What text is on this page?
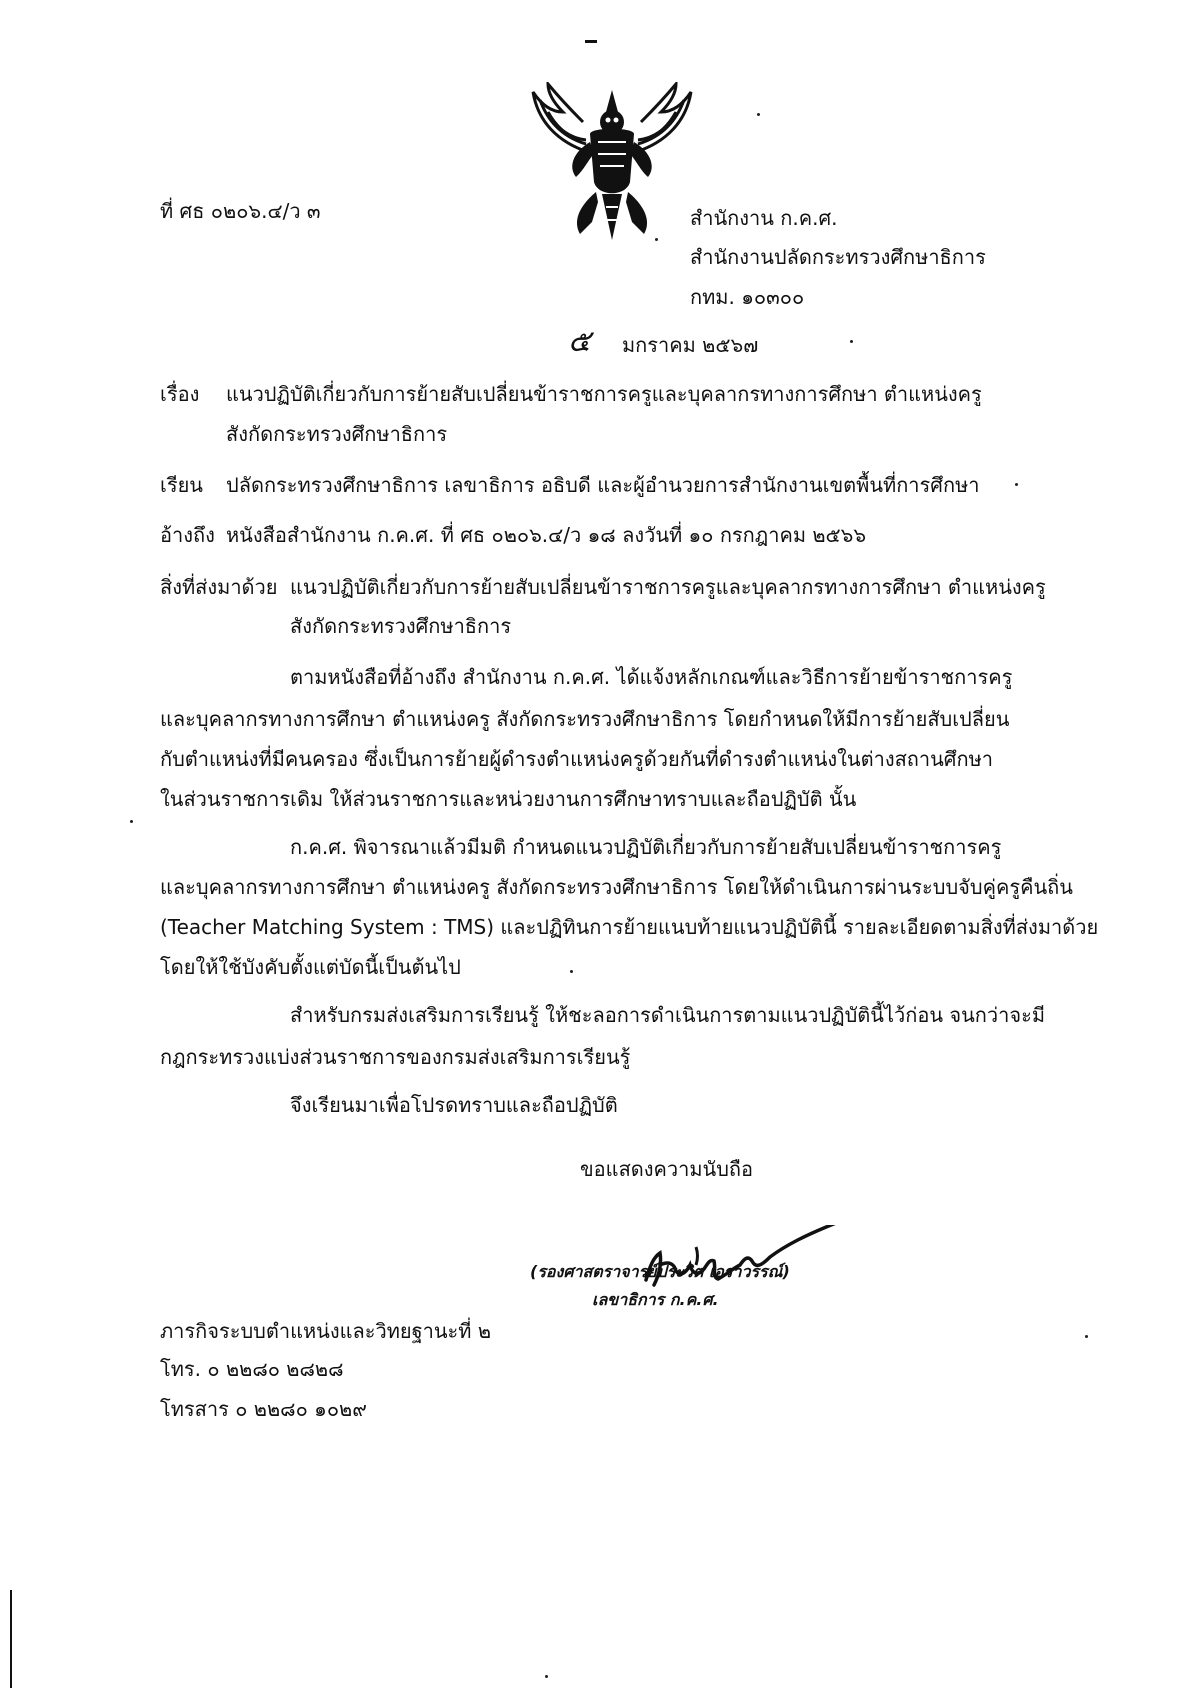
ที่ ศธ ๐๒๐๖.๔/ว ๓	สำนักงาน ก.ค.ศ.
สำนักงานปลัดกระทรวงศึกษาธิการ
กทม. ๑๐๓๐๐
๕ มกราคม ๒๕๖๗
เรื่อง แนวปฏิบัติเกี่ยวกับการย้ายสับเปลี่ยนข้าราชการครูและบุคลากรทางการศึกษา ตำแหน่งครู
สังกัดกระทรวงศึกษาธิการ
เรียน ปลัดกระทรวงศึกษาธิการ เลขาธิการ อธิบดี และผู้อำนวยการสำนักงานเขตพื้นที่การศึกษา
อ้างถึง หนังสือสำนักงาน ก.ค.ศ. ที่ ศธ ๐๒๐๖.๔/ว ๑๘ ลงวันที่ ๑๐ กรกฎาคม ๒๕๖๖
สิ่งที่ส่งมาด้วย แนวปฏิบัติเกี่ยวกับการย้ายสับเปลี่ยนข้าราชการครูและบุคลากรทางการศึกษา ตำแหน่งครู
สังกัดกระทรวงศึกษาธิการ
ตามหนังสือที่อ้างถึง สำนักงาน ก.ค.ศ. ได้แจ้งหลักเกณฑ์และวิธีการย้ายข้าราชการครู
และบุคลากรทางการศึกษา ตำแหน่งครู สังกัดกระทรวงศึกษาธิการ โดยกำหนดให้มีการย้ายสับเปลี่ยน
กับตำแหน่งที่มีคนครอง ซึ่งเป็นการย้ายผู้ดำรงตำแหน่งครูด้วยกันที่ดำรงตำแหน่งในต่างสถานศึกษา
ในส่วนราชการเดิม ให้ส่วนราชการและหน่วยงานการศึกษาทราบและถือปฏิบัติ นั้น
ก.ค.ศ. พิจารณาแล้วมีมติ กำหนดแนวปฏิบัติเกี่ยวกับการย้ายสับเปลี่ยนข้าราชการครู
และบุคลากรทางการศึกษา ตำแหน่งครู สังกัดกระทรวงศึกษาธิการ โดยให้ดำเนินการผ่านระบบจับคู่ครูคืนถิ่น
(Teacher Matching System : TMS) และปฏิทินการย้ายแนบท้ายแนวปฏิบัตินี้ รายละเอียดตามสิ่งที่ส่งมาด้วย
โดยให้ใช้บังคับตั้งแต่บัดนี้เป็นต้นไป
สำหรับกรมส่งเสริมการเรียนรู้ ให้ชะลอการดำเนินการตามแนวปฏิบัตินี้ไว้ก่อน จนกว่าจะมี
กฎกระทรวงแบ่งส่วนราชการของกรมส่งเสริมการเรียนรู้
จึงเรียนมาเพื่อโปรดทราบและถือปฏิบัติ
ขอแสดงความนับถือ
(รองศาสตราจารย์ประวิต เอราวรรณ์)
เลขาธิการ ก.ค.ศ.
ภารกิจระบบตำแหน่งและวิทยฐานะที่ ๒
โทร. ๐ ๒๒๘๐ ๒๘๒๘
โทรสาร ๐ ๒๒๘๐ ๑๐๒๙
